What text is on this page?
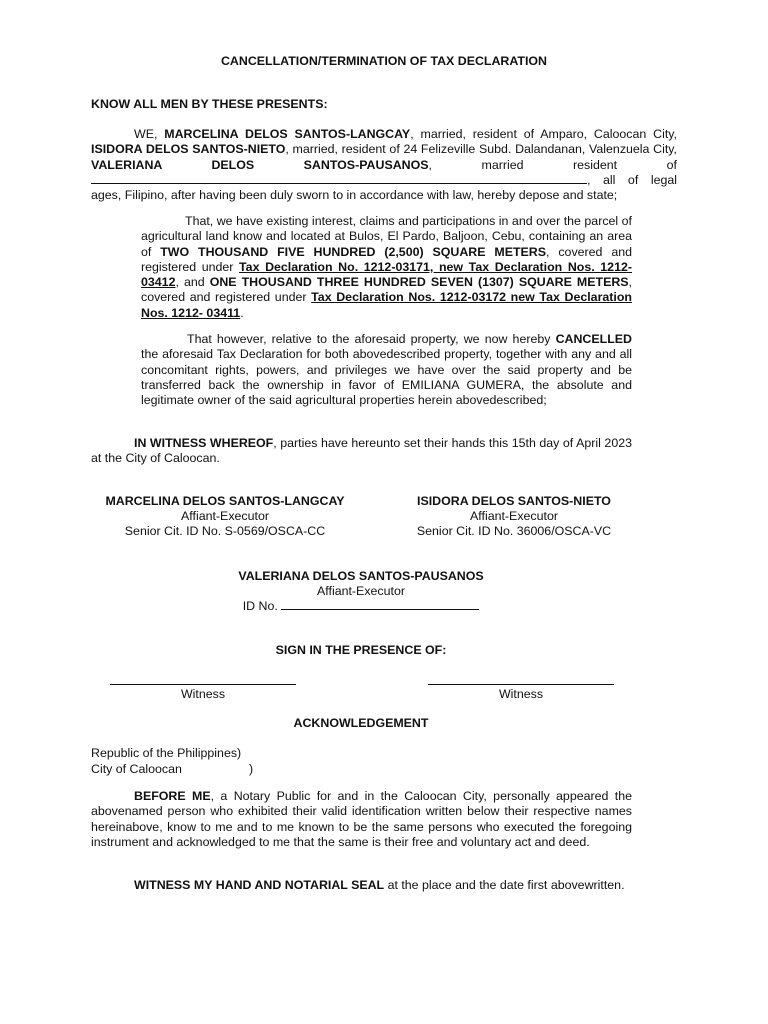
CANCELLATION/TERMINATION OF TAX DECLARATION
KNOW ALL MEN BY THESE PRESENTS:
WE, MARCELINA DELOS SANTOS-LANGCAY, married, resident of Amparo, Caloocan City, ISIDORA DELOS SANTOS-NIETO, married, resident of 24 Felizeville Subd. Dalandanan, Valenzuela City, VALERIANA DELOS SANTOS-PAUSANOS, married resident of , all of legal ages, Filipino, after having been duly sworn to in accordance with law, hereby depose and state;
That, we have existing interest, claims and participations in and over the parcel of agricultural land know and located at Bulos, El Pardo, Baljoon, Cebu, containing an area of TWO THOUSAND FIVE HUNDRED (2,500) SQUARE METERS, covered and registered under Tax Declaration No. 1212-03171, new Tax Declaration Nos. 1212-03412, and ONE THOUSAND THREE HUNDRED SEVEN (1307) SQUARE METERS, covered and registered under Tax Declaration Nos. 1212-03172 new Tax Declaration Nos. 1212- 03411.
That however, relative to the aforesaid property, we now hereby CANCELLED the aforesaid Tax Declaration for both abovedescribed property, together with any and all concomitant rights, powers, and privileges we have over the said property and be transferred back the ownership in favor of EMILIANA GUMERA, the absolute and legitimate owner of the said agricultural properties herein abovedescribed;
IN WITNESS WHEREOF, parties have hereunto set their hands this 15th day of April 2023 at the City of Caloocan.
MARCELINA DELOS SANTOS-LANGCAY
Affiant-Executor
Senior Cit. ID No. S-0569/OSCA-CC
ISIDORA DELOS SANTOS-NIETO
Affiant-Executor
Senior Cit. ID No. 36006/OSCA-VC
VALERIANA DELOS SANTOS-PAUSANOS
Affiant-Executor
ID No.
SIGN IN THE PRESENCE OF:
Witness	Witness
ACKNOWLEDGEMENT
Republic of the Philippines)
City of Caloocan	)
BEFORE ME, a Notary Public for and in the Caloocan City, personally appeared the abovenamed person who exhibited their valid identification written below their respective names hereinabove, know to me and to me known to be the same persons who executed the foregoing instrument and acknowledged to me that the same is their free and voluntary act and deed.
WITNESS MY HAND AND NOTARIAL SEAL at the place and the date first abovewritten.
